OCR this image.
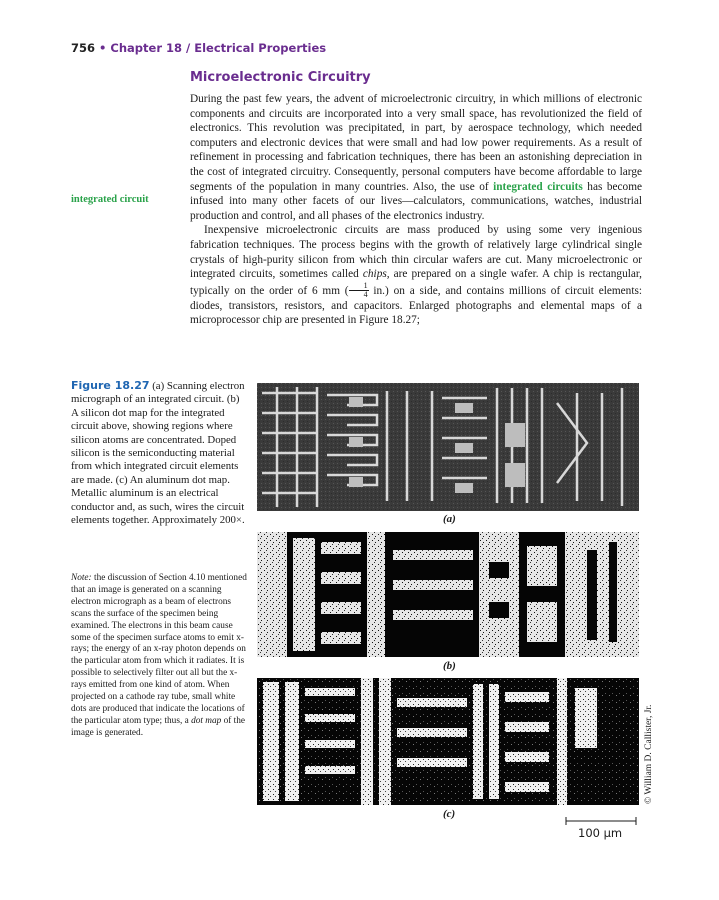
756 • Chapter 18 / Electrical Properties
Microelectronic Circuitry
integrated circuit

During the past few years, the advent of microelectronic circuitry, in which millions of electronic components and circuits are incorporated into a very small space, has revolutionized the field of electronics. This revolution was precipitated, in part, by aerospace technology, which needed computers and electronic devices that were small and had low power requirements. As a result of refinement in processing and fabrication techniques, there has been an astonishing depreciation in the cost of integrated circuitry. Consequently, personal computers have become affordable to large segments of the population in many countries. Also, the use of integrated circuits has become infused into many other facets of our lives—calculators, communications, watches, industrial production and control, and all phases of the electronics industry.

Inexpensive microelectronic circuits are mass produced by using some very ingenious fabrication techniques. The process begins with the growth of relatively large cylindrical single crystals of high-purity silicon from which thin circular wafers are cut. Many microelectronic or integrated circuits, sometimes called chips, are prepared on a single wafer. A chip is rectangular, typically on the order of 6 mm ( $\frac{1}{4} in$.) on a side, and contains millions of circuit elements: diodes, transistors, resistors, and capacitors. Enlarged photographs and elemental maps of a microprocessor chip are presented in Figure 18.27;

Figure 18.27 (a) Scanning electron micrograph of an integrated circuit. (b) A silicon dot map for the integrated circuit above, showing regions where silicon atoms are concentrated. Doped silicon is the semiconducting material from which integrated circuit elements are made. (c) An aluminum dot map. Metallic aluminum is an electrical conductor and, as such, wires the circuit elements together. Approximately 200×.
Note: the discussion of Section 4.10 mentioned that an image is generated on a scanning electron micrograph as a beam of electrons scans the surface of the specimen being examined. The electrons in this beam cause some of the specimen surface atoms to emit x-rays; the energy of an x-ray photon depends on the particular atom from which it radiates. It is possible to selectively filter out all but the x-rays emitted from one kind of atom. When projected on a cathode ray tube, small white dots are produced that indicate the locations of the particular atom type; thus, a dot map of the image is generated.
(a)
(b)
(c)
© William D. Callister, Jr.
100 μm
